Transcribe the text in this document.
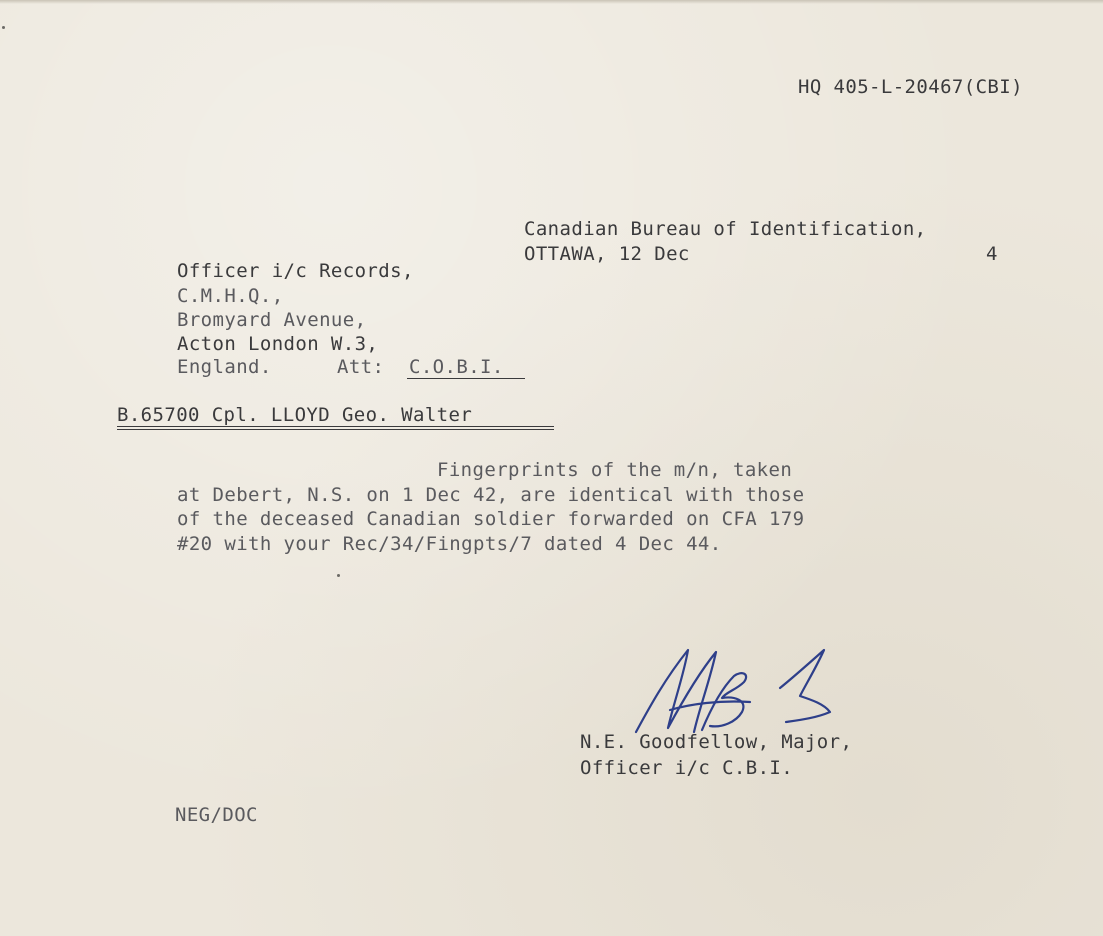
HQ 405-L-20467(CBI)
Canadian Bureau of Identification,
OTTAWA, 12 Dec	4
Officer i/c Records,
C.M.H.Q.,
Bromyard Avenue,
Acton London W.3,
England.	Att: C.O.B.I.
B.65700 Cpl. LLOYD Geo. Walter
Fingerprints of the m/n, taken
at Debert, N.S. on 1 Dec 42, are identical with those
of the deceased Canadian soldier forwarded on CFA 179
#20 with your Rec/34/Fingpts/7 dated 4 Dec 44.
N.E. Goodfellow, Major,
Officer i/c C.B.I.
NEG/DOC
